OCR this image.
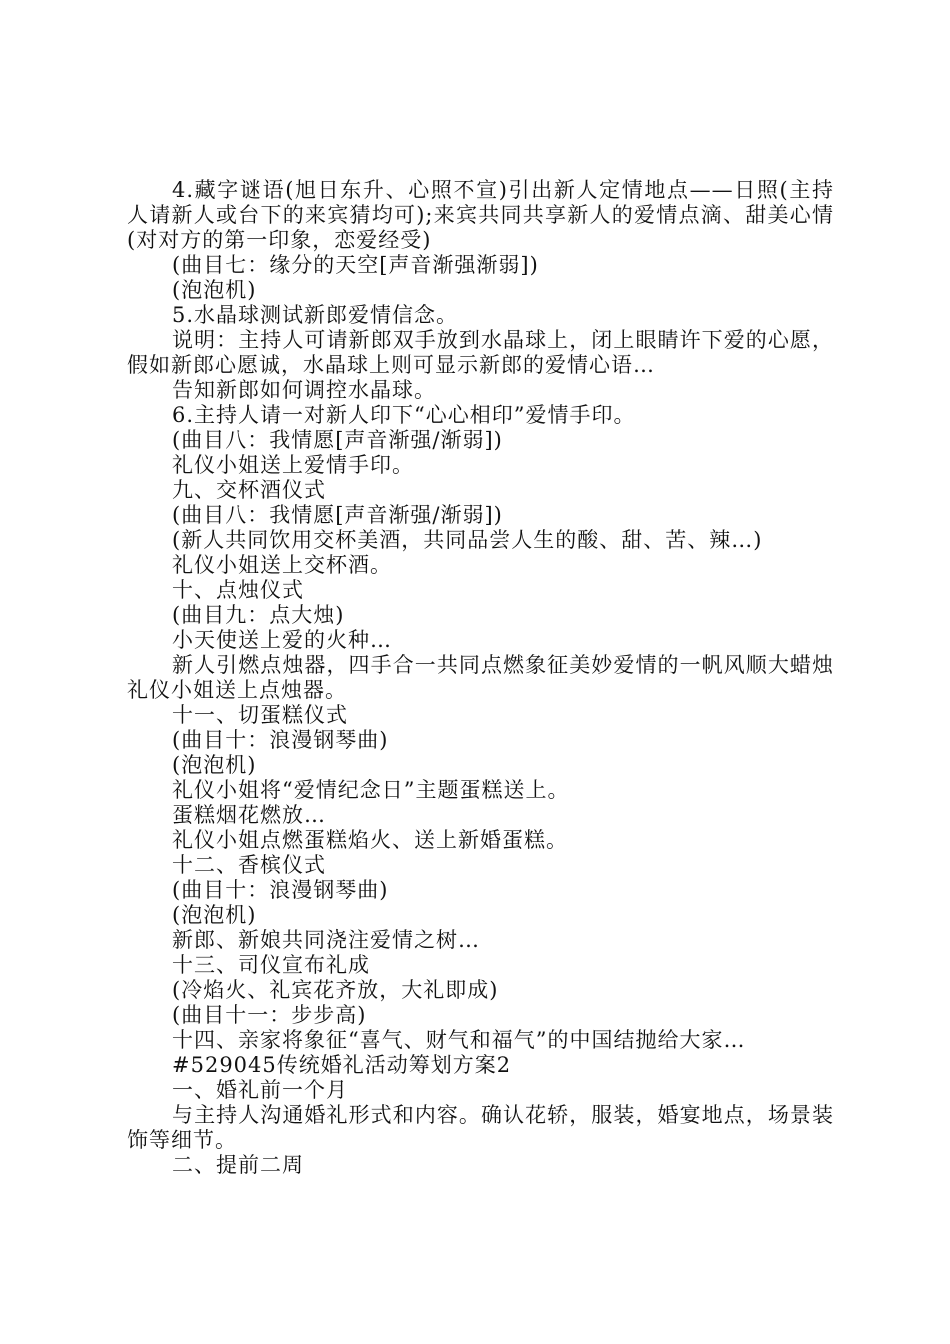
4.藏字谜语(旭日东升、心照不宣)引出新人定情地点——日照(主持人请新人或台下的来宾猜均可);来宾共同共享新人的爱情点滴、甜美心情(对对方的第一印象，恋爱经受)

(曲目七：缘分的天空[声音渐强渐弱])

(泡泡机)

5.水晶球测试新郎爱情信念。

说明：主持人可请新郎双手放到水晶球上，闭上眼睛许下爱的心愿，假如新郎心愿诚，水晶球上则可显示新郎的爱情心语…

告知新郎如何调控水晶球。

6.主持人请一对新人印下“心心相印”爱情手印。

(曲目八：我情愿[声音渐强/渐弱])

礼仪小姐送上爱情手印。

九、交杯酒仪式

(曲目八：我情愿[声音渐强/渐弱])

(新人共同饮用交杯美酒，共同品尝人生的酸、甜、苦、辣…)

礼仪小姐送上交杯酒。

十、点烛仪式

(曲目九：点大烛)

小天使送上爱的火种…

新人引燃点烛器，四手合一共同点燃象征美妙爱情的一帆风顺大蜡烛礼仪小姐送上点烛器。

十一、切蛋糕仪式

(曲目十：浪漫钢琴曲)

(泡泡机)

礼仪小姐将“爱情纪念日”主题蛋糕送上。

蛋糕烟花燃放…

礼仪小姐点燃蛋糕焰火、送上新婚蛋糕。

十二、香槟仪式

(曲目十：浪漫钢琴曲)

(泡泡机)

新郎、新娘共同浇注爱情之树…

十三、司仪宣布礼成

(冷焰火、礼宾花齐放，大礼即成)

(曲目十一：步步高)

十四、亲家将象征“喜气、财气和福气”的中国结抛给大家…

#529045传统婚礼活动筹划方案2

一、婚礼前一个月

与主持人沟通婚礼形式和内容。确认花轿，服装，婚宴地点，场景装饰等细节。

二、提前二周
